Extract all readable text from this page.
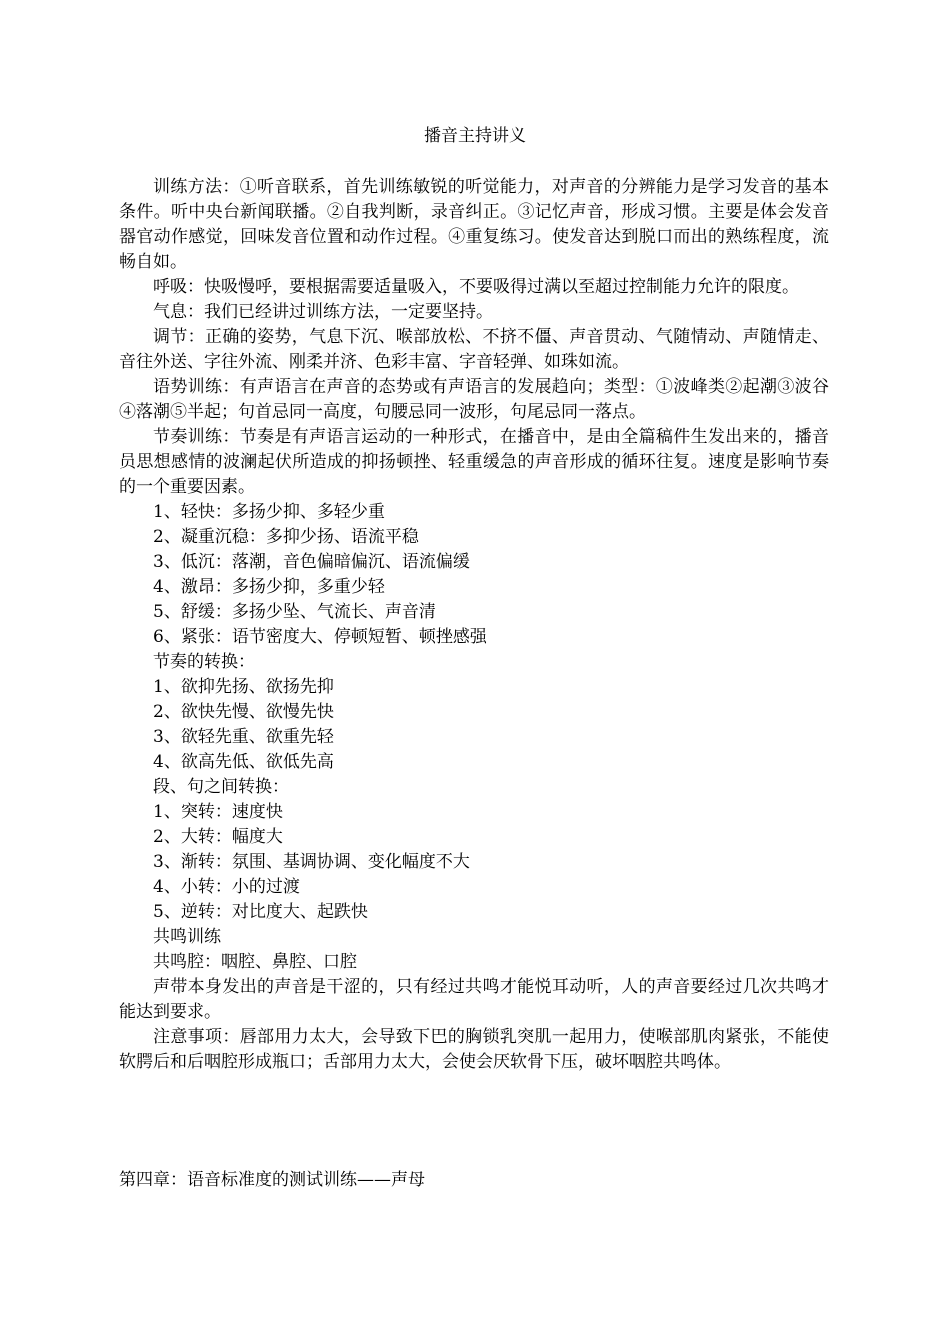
播音主持讲义

训练方法：①听音联系，首先训练敏锐的听觉能力，对声音的分辨能力是学习发音的基本条件。听中央台新闻联播。②自我判断，录音纠正。③记忆声音，形成习惯。主要是体会发音器官动作感觉，回味发音位置和动作过程。④重复练习。使发音达到脱口而出的熟练程度，流畅自如。

呼吸：快吸慢呼，要根据需要适量吸入，不要吸得过满以至超过控制能力允许的限度。

气息：我们已经讲过训练方法，一定要坚持。

调节：正确的姿势，气息下沉、喉部放松、不挤不僵、声音贯动、气随情动、声随情走、音往外送、字往外流、刚柔并济、色彩丰富、字音轻弹、如珠如流。

语势训练：有声语言在声音的态势或有声语言的发展趋向；类型：①波峰类②起潮③波谷④落潮⑤半起；句首忌同一高度，句腰忌同一波形，句尾忌同一落点。

节奏训练：节奏是有声语言运动的一种形式，在播音中，是由全篇稿件生发出来的，播音员思想感情的波澜起伏所造成的抑扬顿挫、轻重缓急的声音形成的循环往复。速度是影响节奏的一个重要因素。

1、轻快：多扬少抑、多轻少重

2、凝重沉稳：多抑少扬、语流平稳

3、低沉：落潮，音色偏暗偏沉、语流偏缓

4、激昂：多扬少抑，多重少轻

5、舒缓：多扬少坠、气流长、声音清

6、紧张：语节密度大、停顿短暂、顿挫感强

节奏的转换：

1、欲抑先扬、欲扬先抑

2、欲快先慢、欲慢先快

3、欲轻先重、欲重先轻

4、欲高先低、欲低先高

段、句之间转换：

1、突转：速度快

2、大转：幅度大

3、渐转：氛围、基调协调、变化幅度不大

4、小转：小的过渡

5、逆转：对比度大、起跌快

共鸣训练

共鸣腔：咽腔、鼻腔、口腔

声带本身发出的声音是干涩的，只有经过共鸣才能悦耳动听，人的声音要经过几次共鸣才能达到要求。

注意事项：唇部用力太大，会导致下巴的胸锁乳突肌一起用力，使喉部肌肉紧张，不能使软腭后和后咽腔形成瓶口；舌部用力太大，会使会厌软骨下压，破坏咽腔共鸣体。

第四章：语音标准度的测试训练——声母
